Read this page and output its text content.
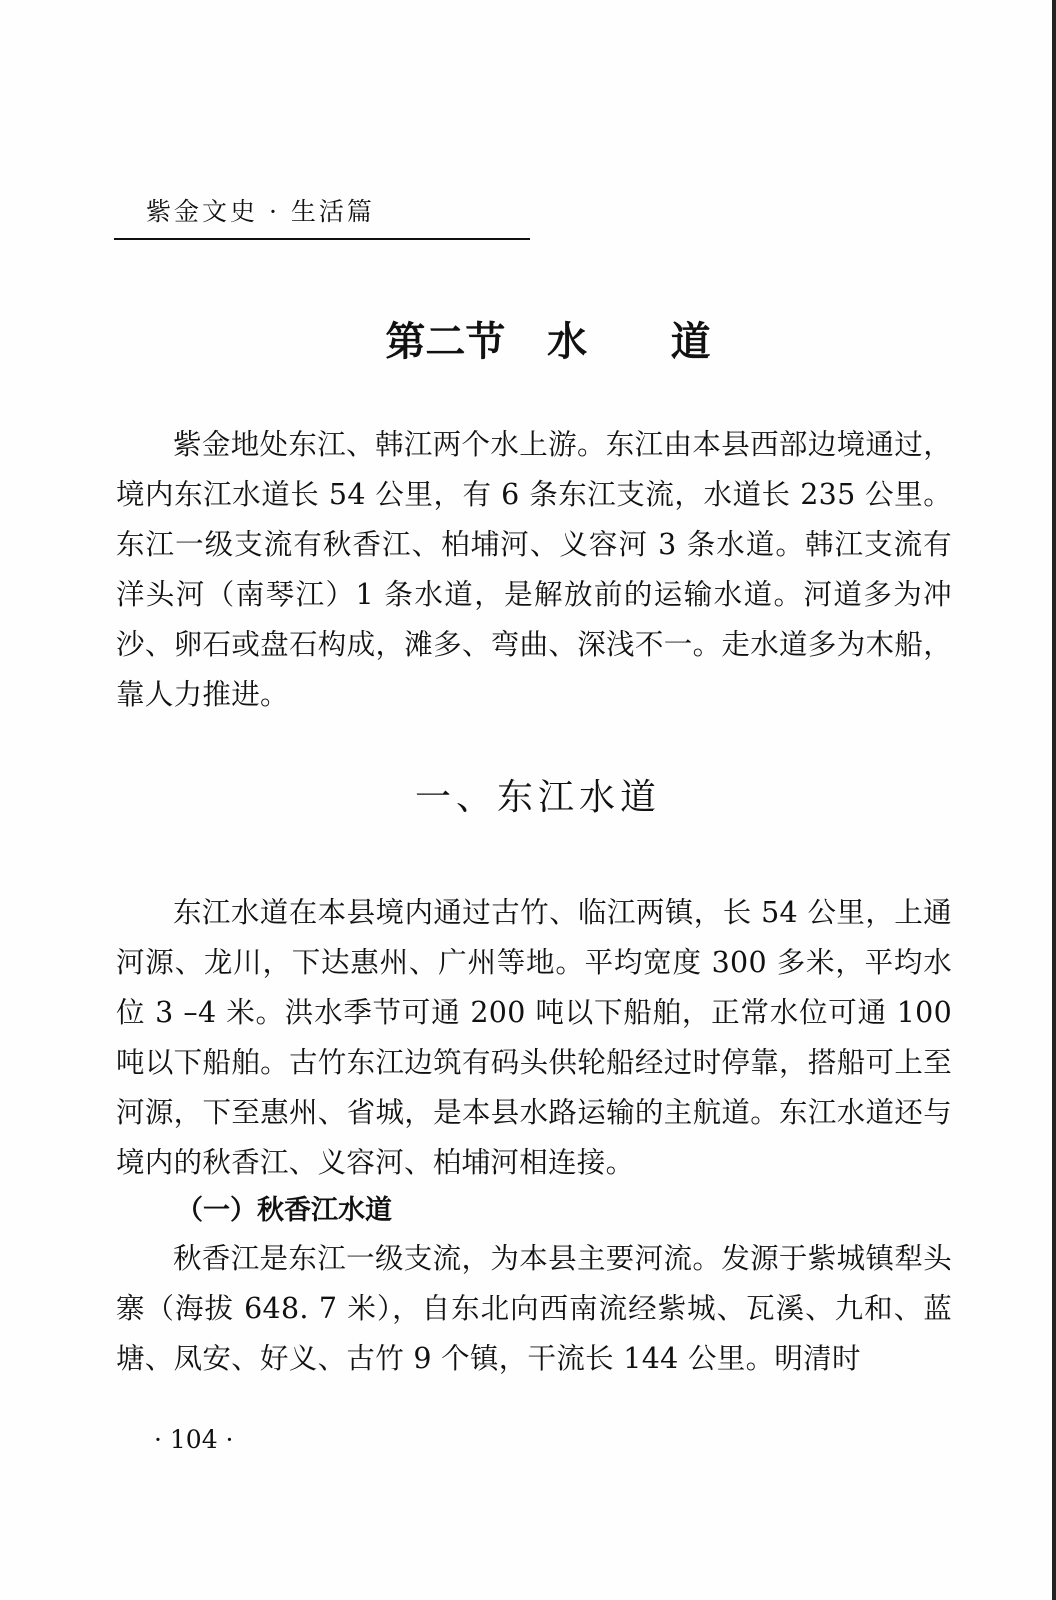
紫金文史 · 生活篇
第二节   水      道

紫金地处东江、韩江两个水上游。东江由本县西部边境通过，境内东江水道长 54 公里，有 6 条东江支流，水道长 235 公里。东江一级支流有秋香江、柏埔河、义容河 3 条水道。韩江支流有洋头河（南琴江）1 条水道，是解放前的运输水道。河道多为冲沙、卵石或盘石构成，滩多、弯曲、深浅不一。走水道多为木船，靠人力推进。

一、东江水道

东江水道在本县境内通过古竹、临江两镇，长 54 公里，上通河源、龙川，下达惠州、广州等地。平均宽度 300 多米，平均水位 3 –4 米。洪水季节可通 200 吨以下船舶，正常水位可通 100 吨以下船舶。古竹东江边筑有码头供轮船经过时停靠，搭船可上至河源，下至惠州、省城，是本县水路运输的主航道。东江水道还与境内的秋香江、义容河、柏埔河相连接。

（一）秋香江水道

秋香江是东江一级支流，为本县主要河流。发源于紫城镇犁头寨（海拔 648. 7 米），自东北向西南流经紫城、瓦溪、九和、蓝塘、凤安、好义、古竹 9 个镇，干流长 144 公里。明清时

· 104 ·
